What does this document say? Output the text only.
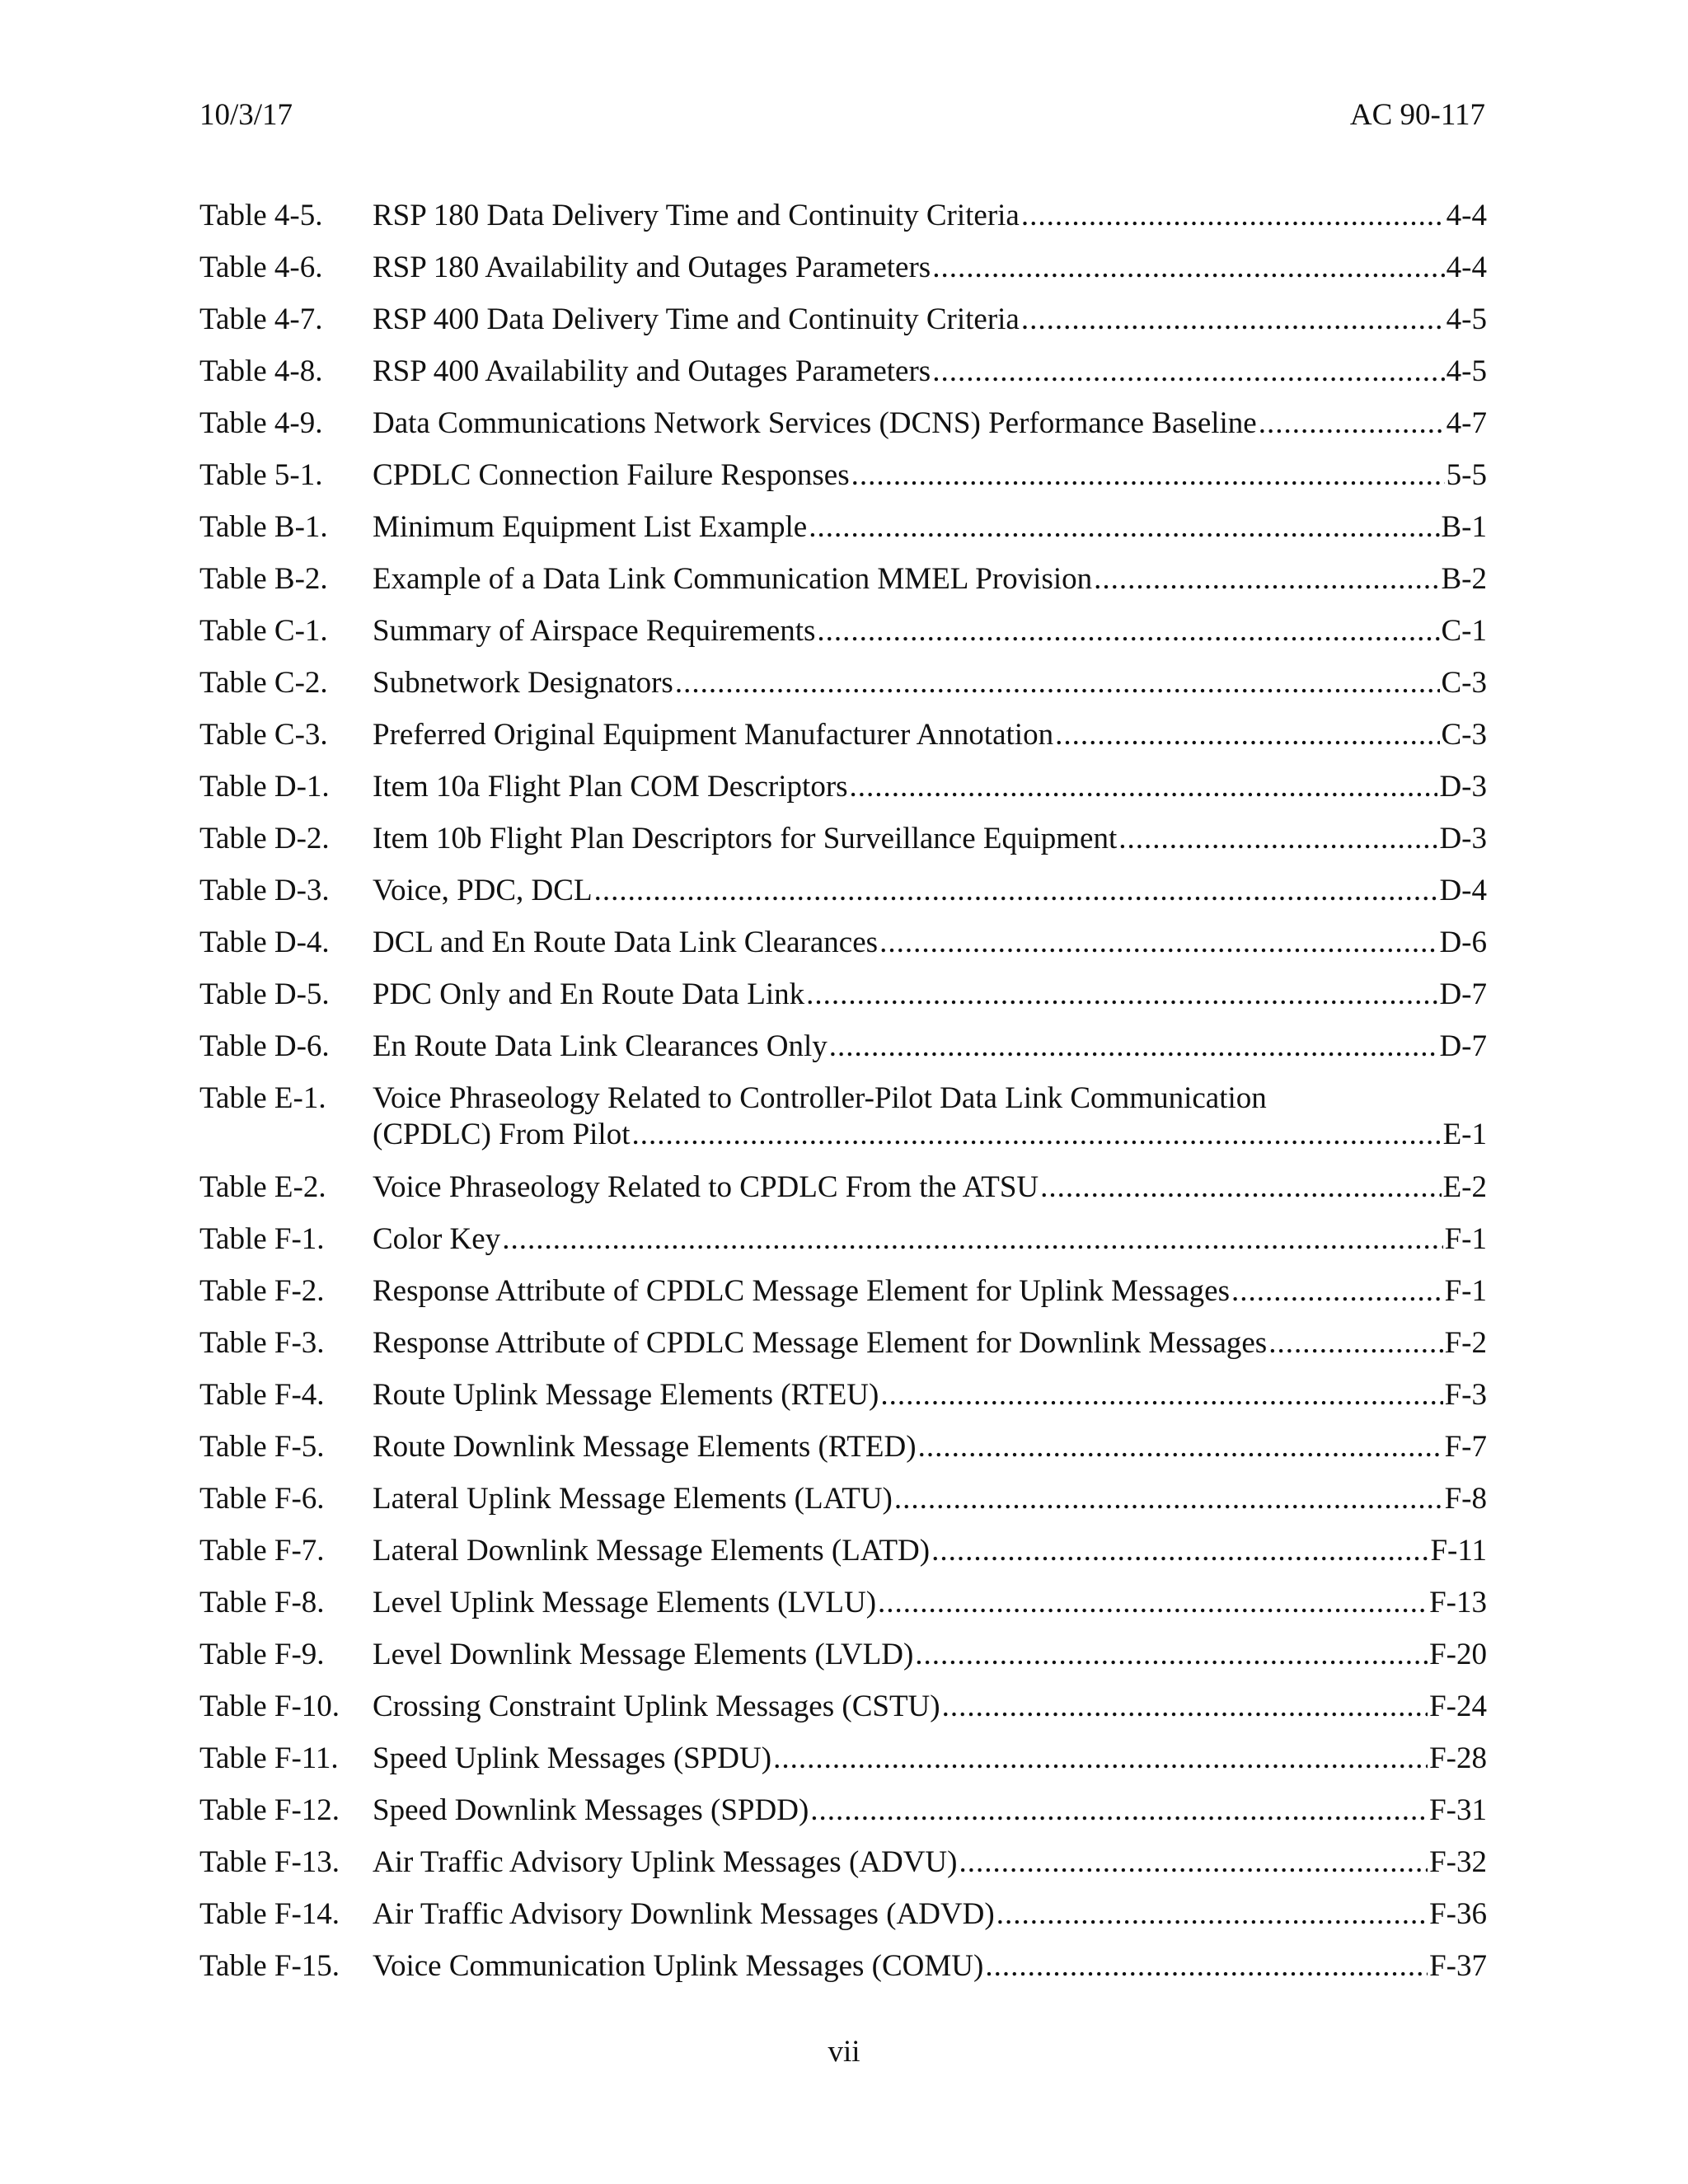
10/3/17	AC 90-117
Table 4-5.	RSP 180 Data Delivery Time and Continuity Criteria .....	4-4
Table 4-6.	RSP 180 Availability and Outages Parameters .....	4-4
Table 4-7.	RSP 400 Data Delivery Time and Continuity Criteria .....	4-5
Table 4-8.	RSP 400 Availability and Outages Parameters .....	4-5
Table 4-9.	Data Communications Network Services (DCNS) Performance Baseline .....	4-7
Table 5-1.	CPDLC Connection Failure Responses .....	5-5
Table B-1.	Minimum Equipment List Example .....	B-1
Table B-2.	Example of a Data Link Communication MMEL Provision .....	B-2
Table C-1.	Summary of Airspace Requirements .....	C-1
Table C-2.	Subnetwork Designators .....	C-3
Table C-3.	Preferred Original Equipment Manufacturer Annotation .....	C-3
Table D-1.	Item 10a Flight Plan COM Descriptors .....	D-3
Table D-2.	Item 10b Flight Plan Descriptors for Surveillance Equipment .....	D-3
Table D-3.	Voice, PDC, DCL .....	D-4
Table D-4.	DCL and En Route Data Link Clearances .....	D-6
Table D-5.	PDC Only and En Route Data Link .....	D-7
Table D-6.	En Route Data Link Clearances Only .....	D-7
Table E-1.	Voice Phraseology Related to Controller-Pilot Data Link Communication
(CPDLC) From Pilot .....	E-1
Table E-2.	Voice Phraseology Related to CPDLC From the ATSU .....	E-2
Table F-1.	Color Key .....	F-1
Table F-2.	Response Attribute of CPDLC Message Element for Uplink Messages .....	F-1
Table F-3.	Response Attribute of CPDLC Message Element for Downlink Messages .....	F-2
Table F-4.	Route Uplink Message Elements (RTEU) .....	F-3
Table F-5.	Route Downlink Message Elements (RTED) .....	F-7
Table F-6.	Lateral Uplink Message Elements (LATU) .....	F-8
Table F-7.	Lateral Downlink Message Elements (LATD) .....	F-11
Table F-8.	Level Uplink Message Elements (LVLU) .....	F-13
Table F-9.	Level Downlink Message Elements (LVLD) .....	F-20
Table F-10.	Crossing Constraint Uplink Messages (CSTU) .....	F-24
Table F-11.	Speed Uplink Messages (SPDU) .....	F-28
Table F-12.	Speed Downlink Messages (SPDD) .....	F-31
Table F-13.	Air Traffic Advisory Uplink Messages (ADVU) .....	F-32
Table F-14.	Air Traffic Advisory Downlink Messages (ADVD) .....	F-36
Table F-15.	Voice Communication Uplink Messages (COMU) .....	F-37
vii
